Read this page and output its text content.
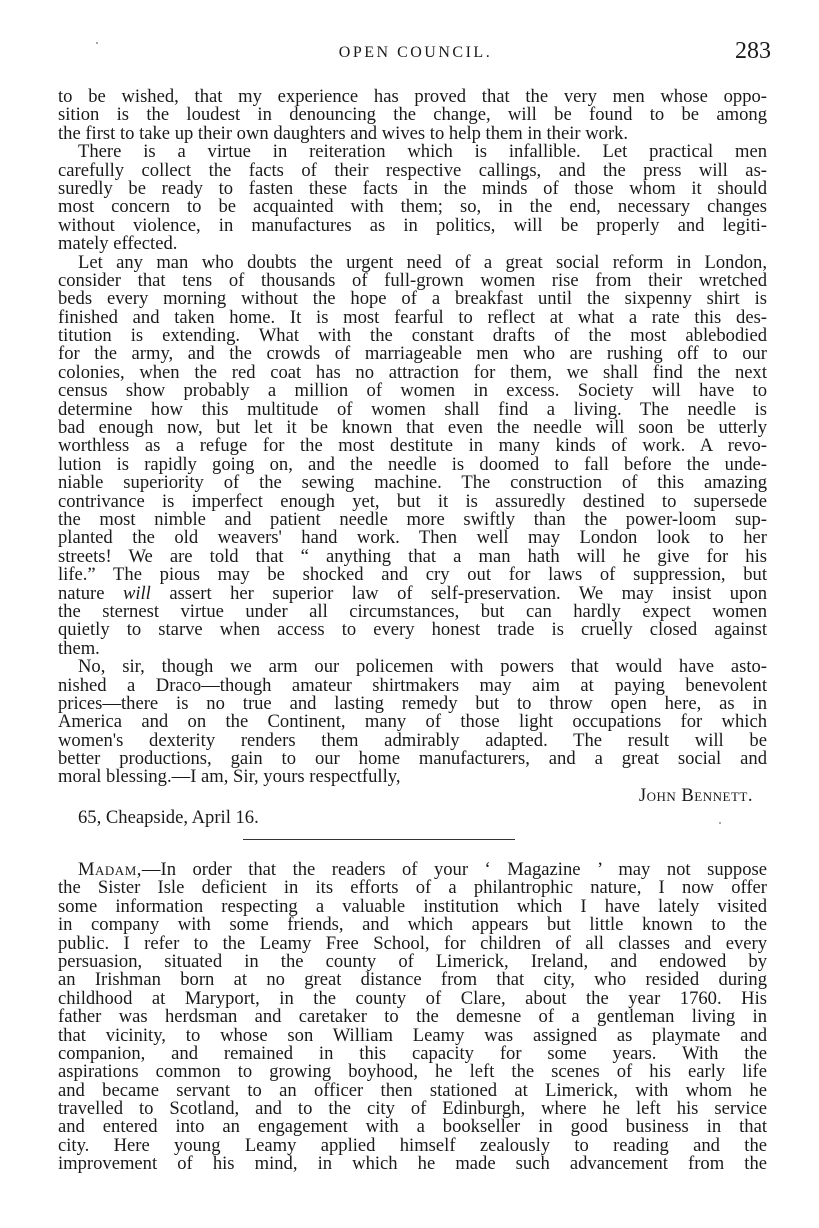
OPEN COUNCIL.	283
to be wished, that my experience has proved that the very men whose oppo-
sition is the loudest in denouncing the change, will be found to be among
the first to take up their own daughters and wives to help them in their work.
There is a virtue in reiteration which is infallible. Let practical men
carefully collect the facts of their respective callings, and the press will as-
suredly be ready to fasten these facts in the minds of those whom it should
most concern to be acquainted with them; so, in the end, necessary changes
without violence, in manufactures as in politics, will be properly and legiti-
mately effected.
Let any man who doubts the urgent need of a great social reform in London,
consider that tens of thousands of full-grown women rise from their wretched
beds every morning without the hope of a breakfast until the sixpenny shirt is
finished and taken home. It is most fearful to reflect at what a rate this des-
titution is extending. What with the constant drafts of the most ablebodied
for the army, and the crowds of marriageable men who are rushing off to our
colonies, when the red coat has no attraction for them, we shall find the next
census show probably a million of women in excess. Society will have to
determine how this multitude of women shall find a living. The needle is
bad enough now, but let it be known that even the needle will soon be utterly
worthless as a refuge for the most destitute in many kinds of work. A revo-
lution is rapidly going on, and the needle is doomed to fall before the unde-
niable superiority of the sewing machine. The construction of this amazing
contrivance is imperfect enough yet, but it is assuredly destined to supersede
the most nimble and patient needle more swiftly than the power-loom sup-
planted the old weavers' hand work. Then well may London look to her
streets! We are told that “ anything that a man hath will he give for his
life.” The pious may be shocked and cry out for laws of suppression, but
nature will assert her superior law of self-preservation. We may insist upon
the sternest virtue under all circumstances, but can hardly expect women
quietly to starve when access to every honest trade is cruelly closed against
them.
No, sir, though we arm our policemen with powers that would have asto-
nished a Draco—though amateur shirtmakers may aim at paying benevolent
prices—there is no true and lasting remedy but to throw open here, as in
America and on the Continent, many of those light occupations for which
women's dexterity renders them admirably adapted. The result will be
better productions, gain to our home manufacturers, and a great social and
moral blessing.—I am, Sir, yours respectfully,
John Bennett.
65, Cheapside, April 16.
Madam,—In order that the readers of your ‘ Magazine ’ may not suppose
the Sister Isle deficient in its efforts of a philantrophic nature, I now offer
some information respecting a valuable institution which I have lately visited
in company with some friends, and which appears but little known to the
public. I refer to the Leamy Free School, for children of all classes and every
persuasion, situated in the county of Limerick, Ireland, and endowed by
an Irishman born at no great distance from that city, who resided during
childhood at Maryport, in the county of Clare, about the year 1760. His
father was herdsman and caretaker to the demesne of a gentleman living in
that vicinity, to whose son William Leamy was assigned as playmate and
companion, and remained in this capacity for some years. With the
aspirations common to growing boyhood, he left the scenes of his early life
and became servant to an officer then stationed at Limerick, with whom he
travelled to Scotland, and to the city of Edinburgh, where he left his service
and entered into an engagement with a bookseller in good business in that
city. Here young Leamy applied himself zealously to reading and the
improvement of his mind, in which he made such advancement from the
